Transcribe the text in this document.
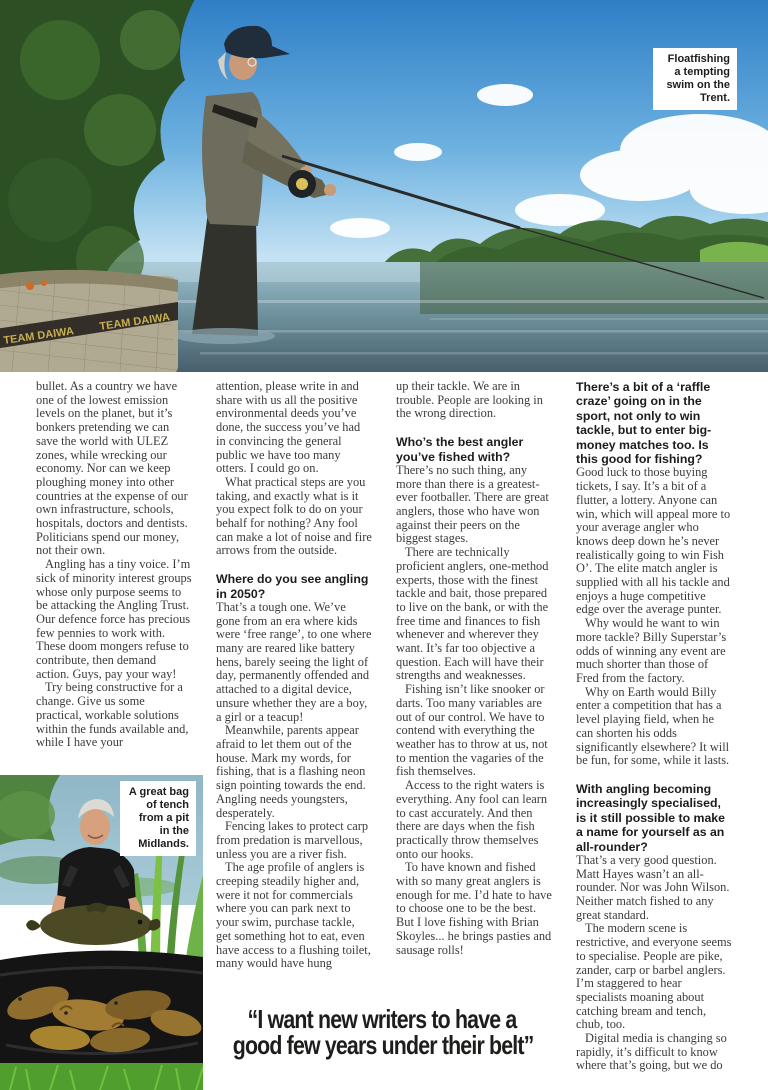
TEAM DAIWA
TEAM DAIWA
Floatfishing a tempting swim on the Trent.

bullet. As a country we have one of the lowest emission levels on the planet, but it’s bonkers pretending we can save the world with ULEZ zones, while wrecking our economy. Nor can we keep ploughing money into other countries at the expense of our own infrastructure, schools, hospitals, doctors and dentists. Politicians spend our money, not their own.

Angling has a tiny voice. I’m sick of minority interest groups whose only purpose seems to be attacking the Angling Trust. Our defence force has precious few pennies to work with. These doom mongers refuse to contribute, then demand action. Guys, pay your way!

Try being constructive for a change. Give us some practical, workable solutions within the funds available and, while I have your

attention, please write in and share with us all the positive environmental deeds you’ve done, the success you’ve had in convincing the general public we have too many otters. I could go on.

What practical steps are you taking, and exactly what is it you expect folk to do on your behalf for nothing? Any fool can make a lot of noise and fire arrows from the outside.

Where do you see angling in 2050?

That’s a tough one. We’ve gone from an era where kids were ‘free range’, to one where many are reared like battery hens, barely seeing the light of day, permanently offended and attached to a digital device, unsure whether they are a boy, a girl or a teacup!

Meanwhile, parents appear afraid to let them out of the house. Mark my words, for fishing, that is a flashing neon sign pointing towards the end. Angling needs youngsters, desperately.

Fencing lakes to protect carp from predation is marvellous, unless you are a river fish.

The age profile of anglers is creeping steadily higher and, were it not for commercials where you can park next to your swim, purchase tackle, get something hot to eat, even have access to a flushing toilet, many would have hung

up their tackle. We are in trouble. People are looking in the wrong direction.

Who’s the best angler you’ve fished with?

There’s no such thing, any more than there is a greatest-ever footballer. There are great anglers, those who have won against their peers on the biggest stages.

There are technically proficient anglers, one-method experts, those with the finest tackle and bait, those prepared to live on the bank, or with the free time and finances to fish whenever and wherever they want. It’s far too objective a question. Each will have their strengths and weaknesses.

Fishing isn’t like snooker or darts. Too many variables are out of our control. We have to contend with everything the weather has to throw at us, not to mention the vagaries of the fish themselves.

Access to the right waters is everything. Any fool can learn to cast accurately. And then there are days when the fish practically throw themselves onto our hooks.

To have known and fished with so many great anglers is enough for me. I’d hate to have to choose one to be the best. But I love fishing with Brian Skoyles... he brings pasties and sausage rolls!

There’s a bit of a ‘raffle craze’ going on in the sport, not only to win tackle, but to enter big-money matches too. Is this good for fishing?

Good luck to those buying tickets, I say. It’s a bit of a flutter, a lottery. Anyone can win, which will appeal more to your average angler who knows deep down he’s never realistically going to win Fish O’. The elite match angler is supplied with all his tackle and enjoys a huge competitive edge over the average punter.

Why would he want to win more tackle? Billy Superstar’s odds of winning any event are much shorter than those of Fred from the factory.

Why on Earth would Billy enter a competition that has a level playing field, when he can shorten his odds significantly elsewhere? It will be fun, for some, while it lasts.

With angling becoming increasingly specialised, is it still possible to make a name for yourself as an all-rounder?

That’s a very good question. Matt Hayes wasn’t an all-rounder. Nor was John Wilson. Neither match fished to any great standard.

The modern scene is restrictive, and everyone seems to specialise. People are pike, zander, carp or barbel anglers. I’m staggered to hear specialists moaning about catching bream and tench, chub, too.

Digital media is changing so rapidly, it’s difficult to know where that’s going, but we do

A great bag of tench from a pit in the Midlands.
“I want new writers to have a
good few years under their belt”
